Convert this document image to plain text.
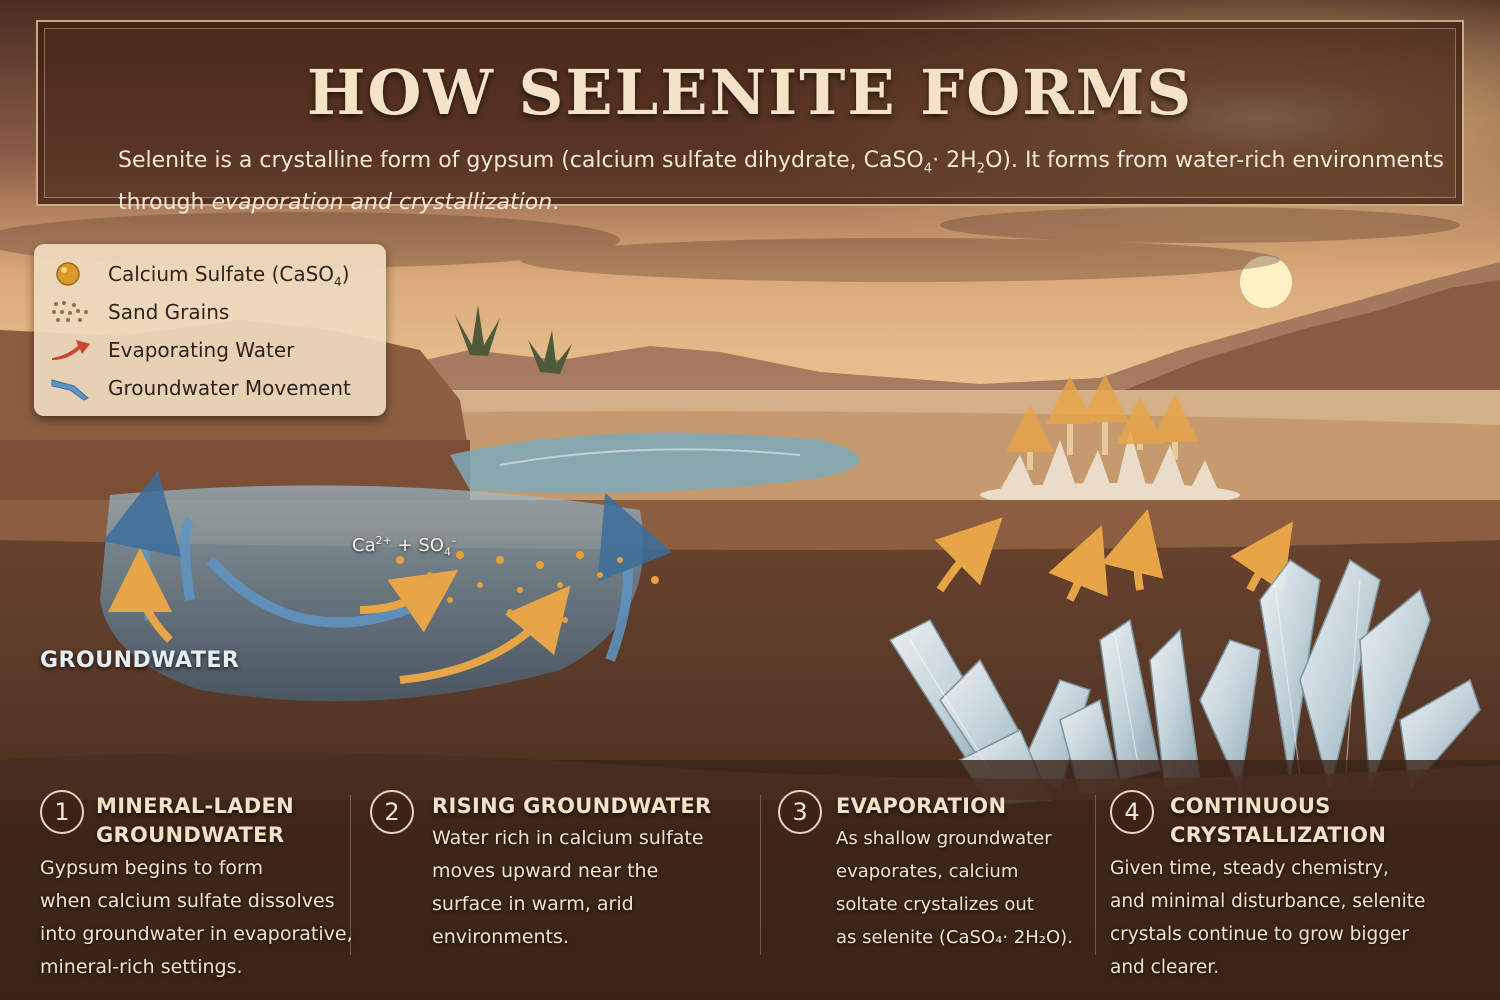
HOW SELENITE FORMS
Selenite is a crystalline form of gypsum (calcium sulfate dihydrate, CaSO$_4$· $2H_2O$). It forms from water-rich environments through evaporation and crystallization.
Calcium Sulfate (CaSO$_4$)
Sand Grains
Evaporating Water
Groundwater Movement
GROUNDWATER
$Ca^{2+} + SO_4^-$
1	MINERAL-LADEN
GROUNDWATER
Gypsum begins to form
when calcium sulfate dissolves
into groundwater in evaporative,
mineral-rich settings.
2	RISING GROUNDWATER
Water rich in calcium sulfate
moves upward near the
surface in warm, arid
environments.
3	EVAPORATION
As shallow groundwater
evaporates, calcium
soltate crystalizes out
as selenite (CaSO₄· 2H₂O).
4	CONTINUOUS
CRYSTALLIZATION
Given time, steady chemistry,
and minimal disturbance, selenite
crystals continue to grow bigger
and clearer.
